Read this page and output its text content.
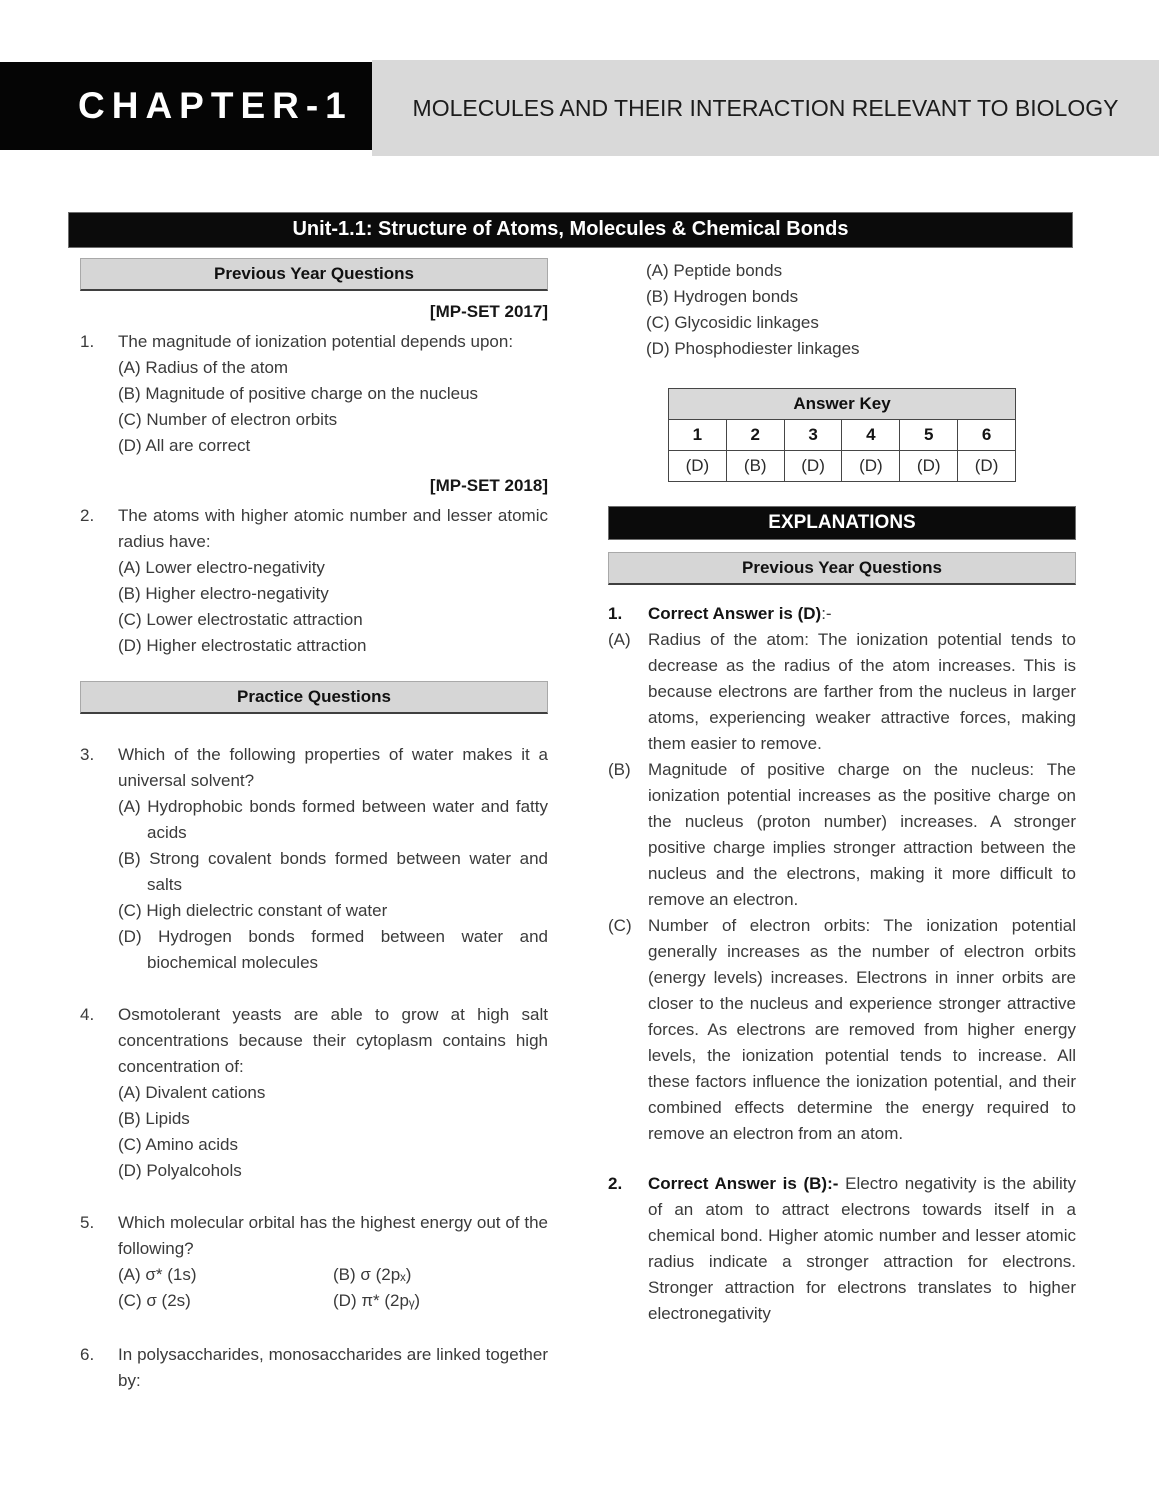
MOLECULES AND THEIR INTERACTION RELEVANT TO BIOLOGY
CHAPTER-1
Unit-1.1: Structure of Atoms, Molecules & Chemical Bonds
Previous Year Questions
[MP-SET 2017]
1.	The magnitude of ionization potential depends upon:
(A) Radius of the atom
(B) Magnitude of positive charge on the nucleus
(C) Number of electron orbits
(D) All are correct
[MP-SET 2018]
2.	The atoms with higher atomic number and lesser atomic radius have:
(A) Lower electro-negativity
(B) Higher electro-negativity
(C) Lower electrostatic attraction
(D) Higher electrostatic attraction
Practice Questions
3.	Which of the following properties of water makes it a universal solvent?
(A) Hydrophobic bonds formed between water and fatty acids
(B) Strong covalent bonds formed between water and salts
(C) High dielectric constant of water
(D) Hydrogen bonds formed between water and biochemical molecules
4.	Osmotolerant yeasts are able to grow at high salt concentrations because their cytoplasm contains high concentration of:
(A) Divalent cations
(B) Lipids
(C) Amino acids
(D) Polyalcohols
5.	Which molecular orbital has the highest energy out of the following?
(A) σ* (1s)	(B) σ (2pₓ)
(C) σ (2s)	(D) π* (2pᵧ)
6.	In polysaccharides, monosaccharides are linked together by:
(A) Peptide bonds
(B) Hydrogen bonds
(C) Glycosidic linkages
(D) Phosphodiester linkages
Answer Key					
1	2	3	4	5	6
(D)	(B)	(D)	(D)	(D)	(D)
EXPLANATIONS
Previous Year Questions
1.	Correct Answer is (D):-
(A)	Radius of the atom: The ionization potential tends to decrease as the radius of the atom increases. This is because electrons are farther from the nucleus in larger atoms, experiencing weaker attractive forces, making them easier to remove.
(B)	Magnitude of positive charge on the nucleus: The ionization potential increases as the positive charge on the nucleus (proton number) increases. A stronger positive charge implies stronger attraction between the nucleus and the electrons, making it more difficult to remove an electron.
(C) Number of electron orbits: The ionization potential generally increases as the number of electron orbits (energy levels) increases. Electrons in inner orbits are closer to the nucleus and experience stronger attractive forces. As electrons are removed from higher energy levels, the ionization potential tends to increase. All these factors influence the ionization potential, and their combined effects determine the energy required to remove an electron from an atom.
2.	Correct Answer is (B):- Electro negativity is the ability of an atom to attract electrons towards itself in a chemical bond. Higher atomic number and lesser atomic radius indicate a stronger attraction for electrons. Stronger attraction for electrons translates to higher electronegativity
